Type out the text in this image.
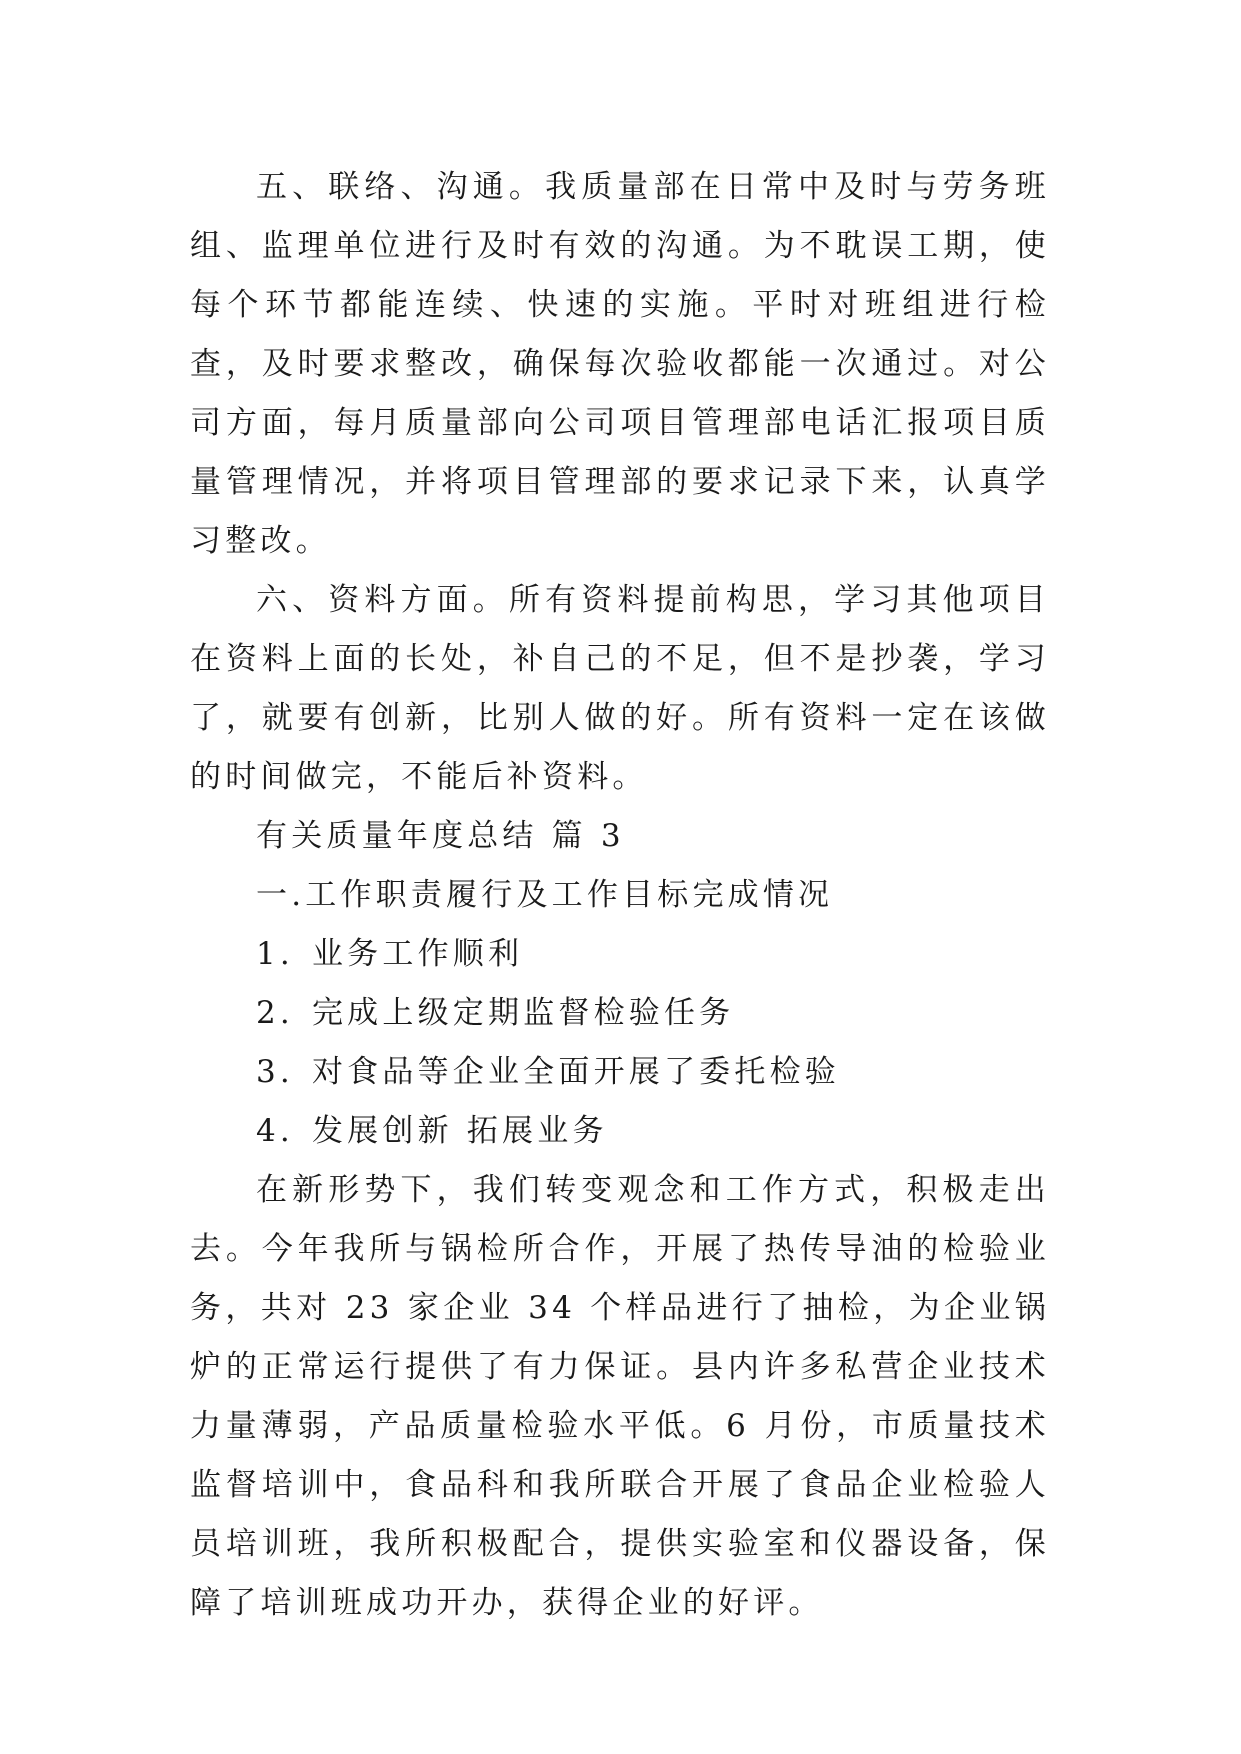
五、联络、沟通。我质量部在日常中及时与劳务班组、监理单位进行及时有效的沟通。为不耽误工期，使每个环节都能连续、快速的实施。平时对班组进行检查，及时要求整改，确保每次验收都能一次通过。对公司方面，每月质量部向公司项目管理部电话汇报项目质量管理情况，并将项目管理部的要求记录下来，认真学习整改。

六、资料方面。所有资料提前构思，学习其他项目在资料上面的长处，补自己的不足，但不是抄袭，学习了，就要有创新，比别人做的好。所有资料一定在该做的时间做完，不能后补资料。

有关质量年度总结 篇 3

一.工作职责履行及工作目标完成情况

1. 业务工作顺利

2. 完成上级定期监督检验任务

3. 对食品等企业全面开展了委托检验

4. 发展创新 拓展业务

在新形势下，我们转变观念和工作方式，积极走出去。今年我所与锅检所合作，开展了热传导油的检验业务，共对 23 家企业 34 个样品进行了抽检，为企业锅炉的正常运行提供了有力保证。县内许多私营企业技术力量薄弱，产品质量检验水平低。6 月份，市质量技术监督培训中，食品科和我所联合开展了食品企业检验人员培训班，我所积极配合，提供实验室和仪器设备，保障了培训班成功开办，获得企业的好评。
